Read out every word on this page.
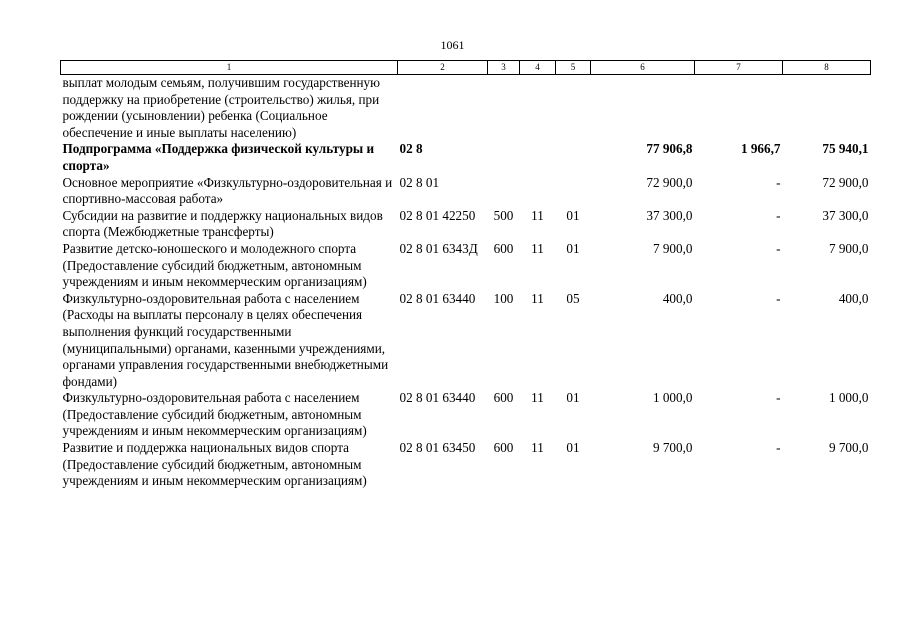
1061
1	2	3	4	5	6	7	8
выплат молодым семьям, получившим государственную поддержку на приобретение (строительство) жилья, при рождении (усыновлении) ребенка (Социальное обеспечение и иные выплаты населению)							
Подпрограмма «Поддержка физической культуры и спорта»	02 8				77 906,8	1 966,7	75 940,1
Основное мероприятие «Физкультурно-оздоровительная и спортивно-массовая работа»	02 8 01				72 900,0	-	72 900,0
Субсидии на развитие и поддержку национальных видов спорта (Межбюджетные трансферты)	02 8 01 42250	500	11	01	37 300,0	-	37 300,0
Развитие детско-юношеского и молодежного спорта (Предоставление субсидий бюджетным, автономным учреждениям и иным некоммерческим организациям)	02 8 01 6343Д	600	11	01	7 900,0	-	7 900,0
Физкультурно-оздоровительная работа с населением (Расходы на выплаты персоналу в целях обеспечения выполнения функций государственными (муниципальными) органами, казенными учреждениями, органами управления государственными внебюджетными фондами)	02 8 01 63440	100	11	05	400,0	-	400,0
Физкультурно-оздоровительная работа с населением (Предоставление субсидий бюджетным, автономным учреждениям и иным некоммерческим организациям)	02 8 01 63440	600	11	01	1 000,0	-	1 000,0
Развитие и поддержка национальных видов спорта (Предоставление субсидий бюджетным, автономным учреждениям и иным некоммерческим организациям)	02 8 01 63450	600	11	01	9 700,0	-	9 700,0
